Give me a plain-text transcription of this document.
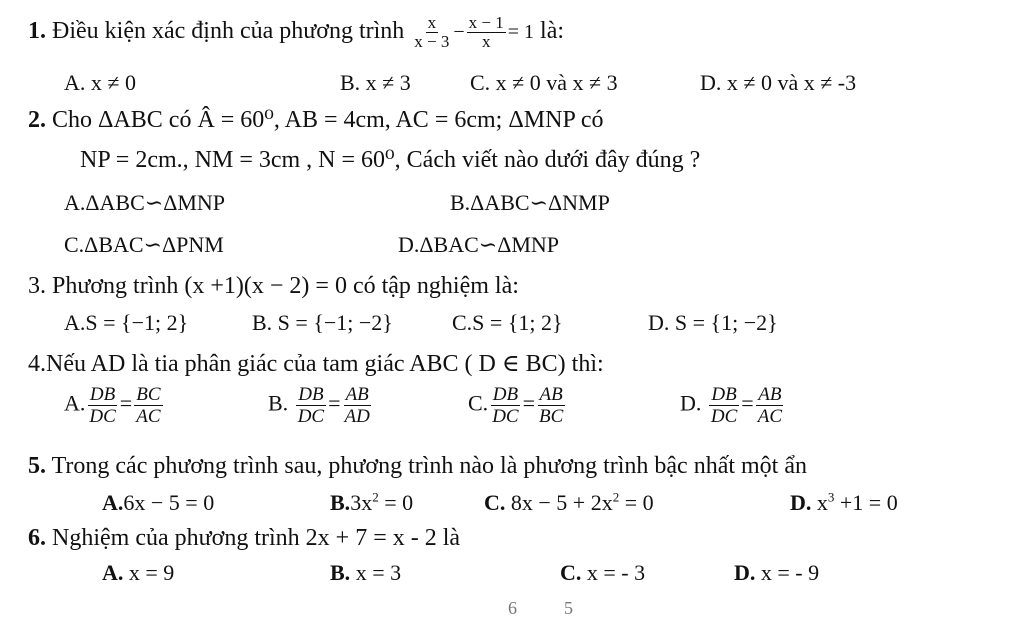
1. Điều kiện xác định của phương trình $\frac{x}{x - 3} - \frac{x - 1}{x} = 1$ là:
A. x ≠ 0	B. x ≠ 3	C. x ≠ 0 và x ≠ 3	D. x ≠ 0 và x ≠ -3
2. Cho ΔABC có Â = 60⁰, AB = 4cm, AC = 6cm; ΔMNP có
NP = 2cm., NM = 3cm , N = 60⁰, Cách viết nào dưới đây đúng ?
A.ΔABC∽ΔMNP	B.ΔABC∽ΔNMP
C.ΔBAC∽ΔPNM	D.ΔBAC∽ΔMNP
3. Phương trình (x +1)(x − 2) = 0 có tập nghiệm là:
A.S = {−1; 2}	B. S = {−1; −2}	C.S = {1; 2}	D. S = {1; −2}
4.Nếu AD là tia phân giác của tam giác ABC ( D ∈ BC) thì:
A. $\frac{DB}{DC} = \frac{BC}{AC}$	B. $\frac{DB}{DC} = \frac{AB}{AD}$	C. $\frac{DB}{DC} = \frac{AB}{BC}$	D. $\frac{DB}{DC} = \frac{AB}{AC}$
5. Trong các phương trình sau, phương trình nào là phương trình bậc nhất một ẩn
A.6x − 5 = 0	$B.3x^2 = 0$	C. $8x - 5 + 2x^2 = 0$	D. $x^3 +1 = 0$
6. Nghiệm của phương trình 2x + 7 = x - 2 là
A. x = 9	B. x = 3	C. x = - 3	D. x = - 9
6	5
